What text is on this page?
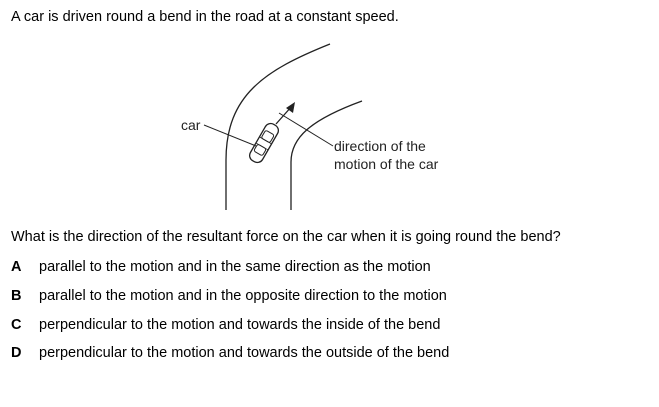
A car is driven round a bend in the road at a constant speed.
car
direction of the
motion of the car
What is the direction of the resultant force on the car when it is going round the bend?
A	parallel to the motion and in the same direction as the motion
B	parallel to the motion and in the opposite direction to the motion
C	perpendicular to the motion and towards the inside of the bend
D	perpendicular to the motion and towards the outside of the bend
